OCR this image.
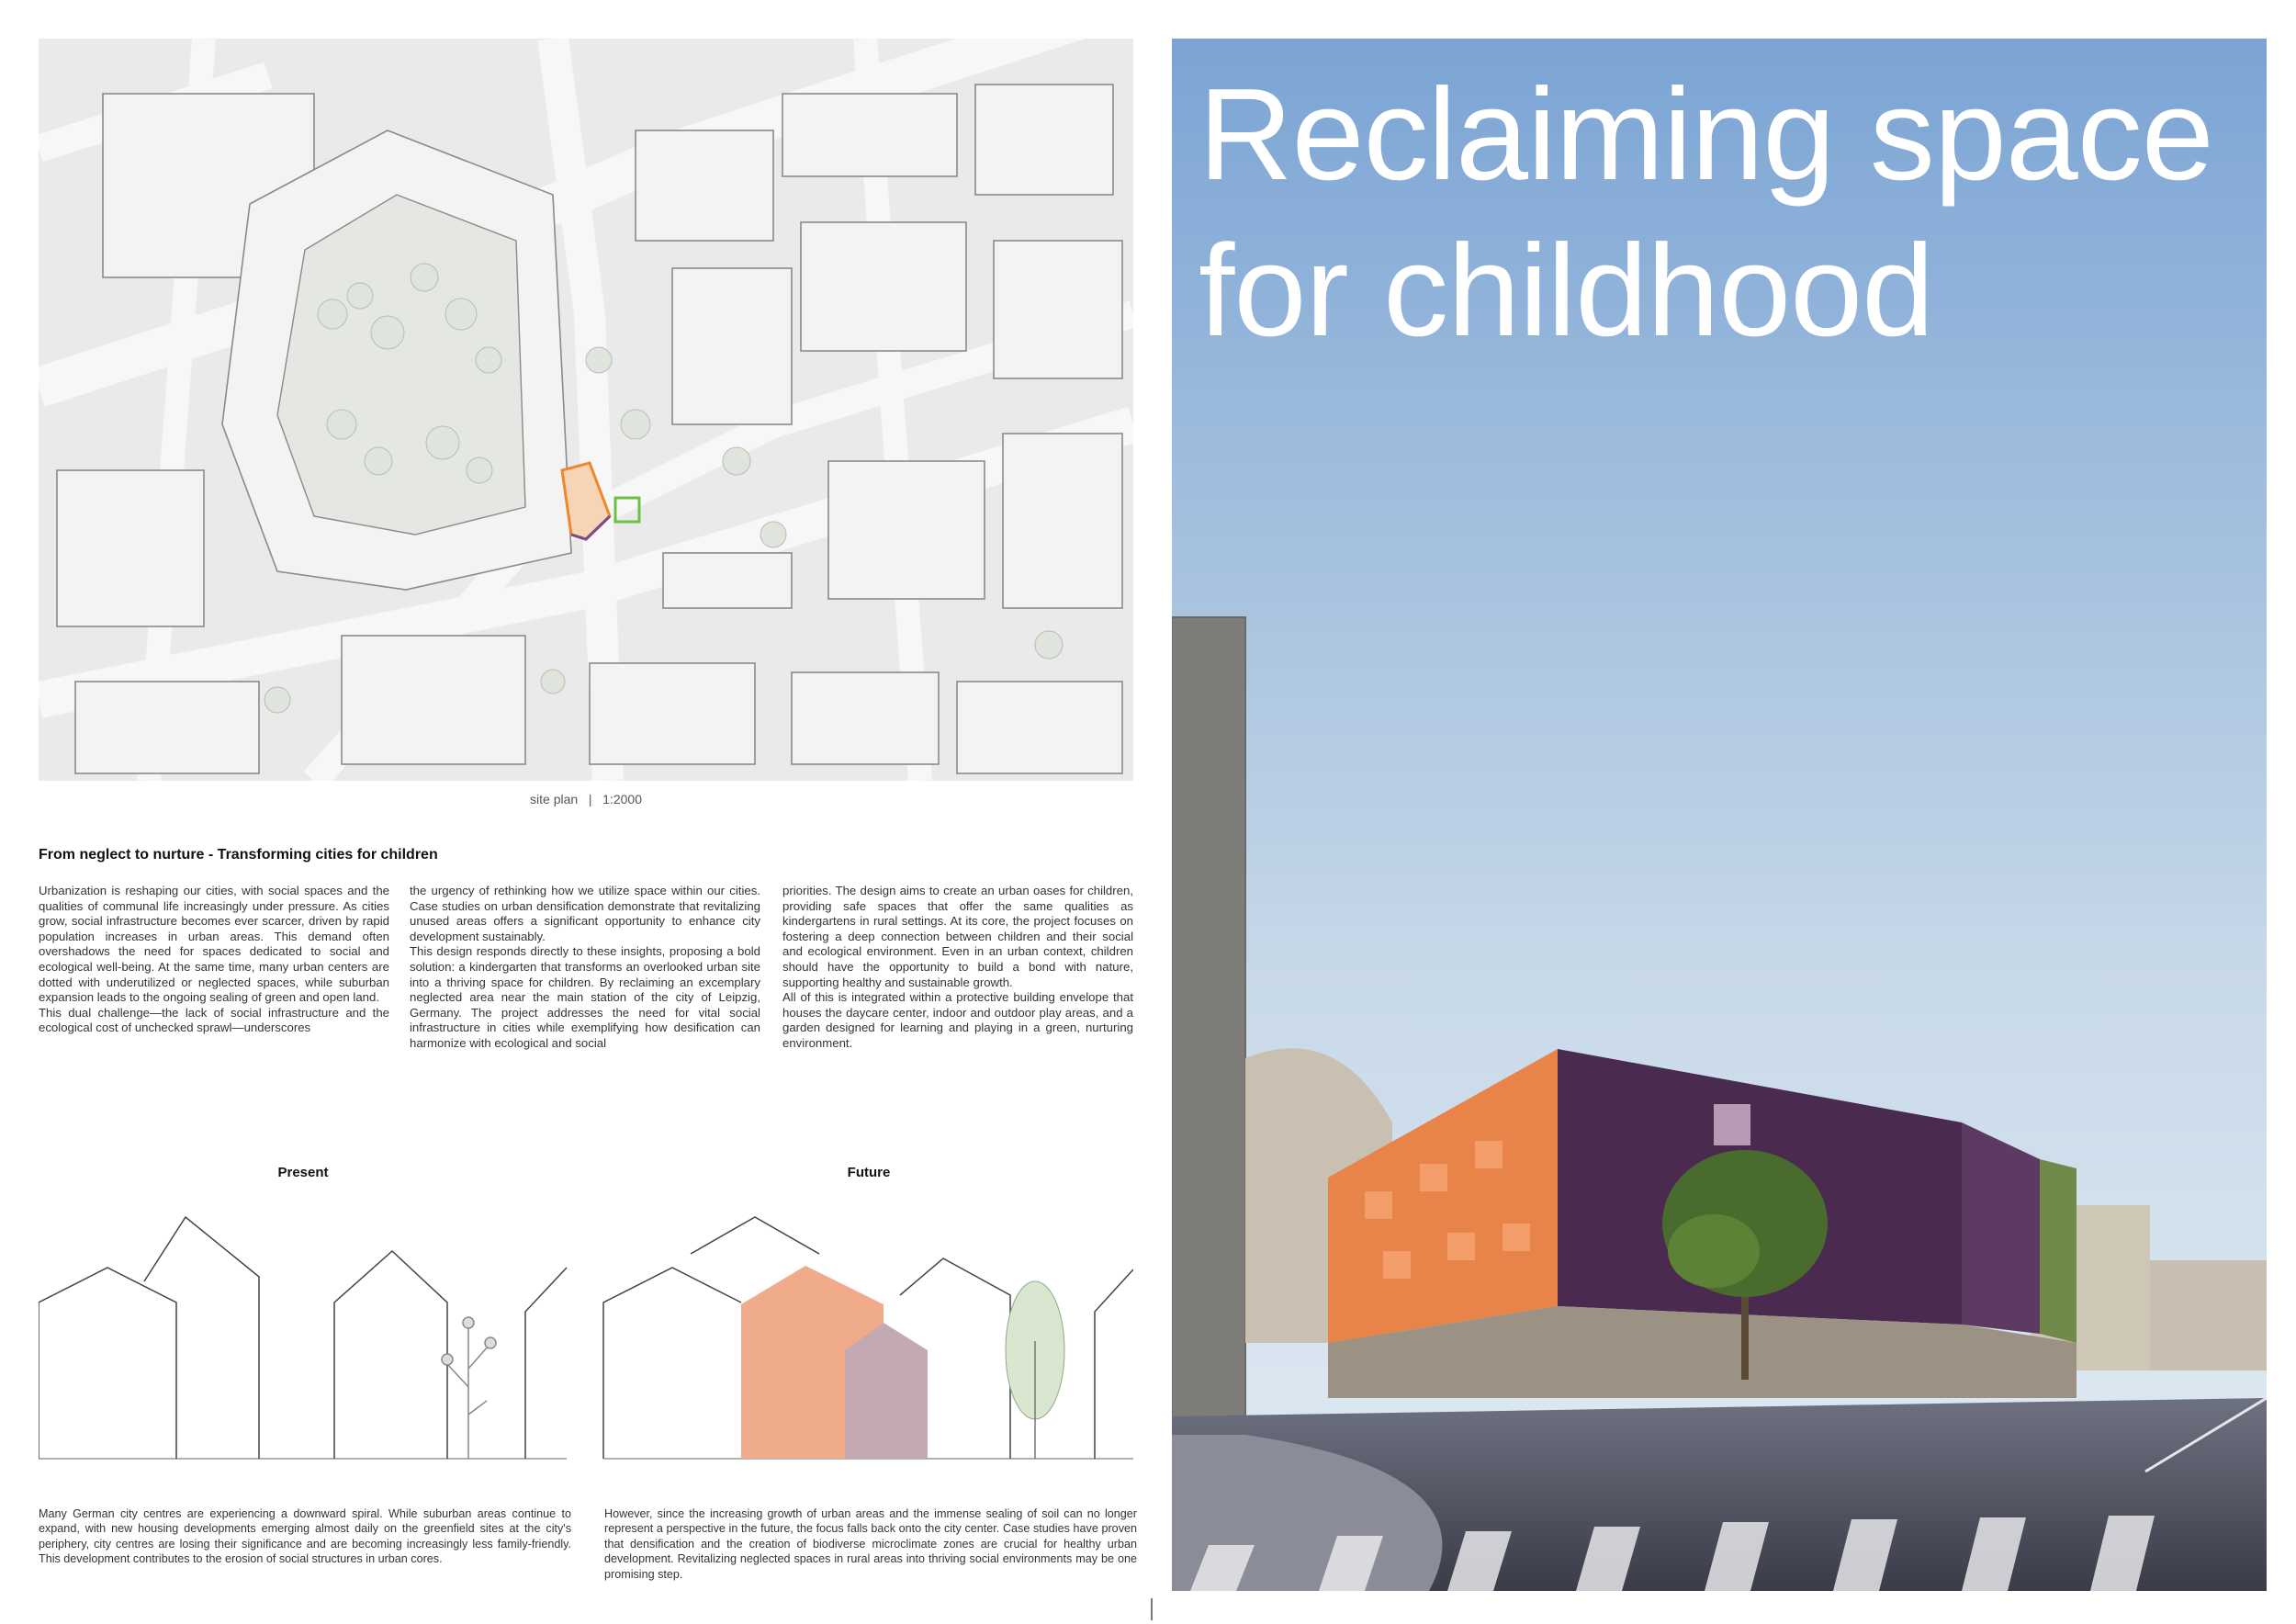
site plan | 1:2000
From neglect to nurture - Transforming cities for children

Urbanization is reshaping our cities, with social spaces and the qualities of communal life increasingly under pressure. As cities grow, social infrastructure becomes ever scarcer, driven by rapid population increases in urban areas. This demand often overshadows the need for spaces dedicated to social and ecological well-being. At the same time, many urban centers are dotted with underutilized or neglected spaces, while suburban expansion leads to the ongoing sealing of green and open land.
This dual challenge—the lack of social infrastructure and the ecological cost of unchecked sprawl—underscores

the urgency of rethinking how we utilize space within our cities. Case studies on urban densification demonstrate that revitalizing unused areas offers a significant opportunity to enhance city development sustainably.
This design responds directly to these insights, proposing a bold solution: a kindergarten that transforms an overlooked urban site into a thriving space for children. By reclaiming an excemplary neglected area near the main station of the city of Leipzig, Germany. The project addresses the need for vital social infrastructure in cities while exemplifying how desification can harmonize with ecological and social

priorities. The design aims to create an urban oases for children, providing safe spaces that offer the same qualities as kindergartens in rural settings. At its core, the project focuses on fostering a deep connection between children and their social and ecological environment. Even in an urban context, children should have the opportunity to build a bond with nature, supporting healthy and sustainable growth.
All of this is integrated within a protective building envelope that houses the daycare center, indoor and outdoor play areas, and a garden designed for learning and playing in a green, nurturing environment.

Present	Future
Many German city centres are experiencing a downward spiral. While suburban areas continue to expand, with new housing developments emerging almost daily on the greenfield sites at the city's periphery, city centres are losing their significance and are becoming increasingly less family-friendly. This development contributes to the erosion of social structures in urban cores.
However, since the increasing growth of urban areas and the immense sealing of soil can no longer represent a perspective in the future, the focus falls back onto the city center. Case studies have proven that densification and the creation of biodiverse microclimate zones are crucial for healthy urban development. Revitalizing neglected spaces in rural areas into thriving social environments may be one promising step.
Reclaiming space
for childhood
